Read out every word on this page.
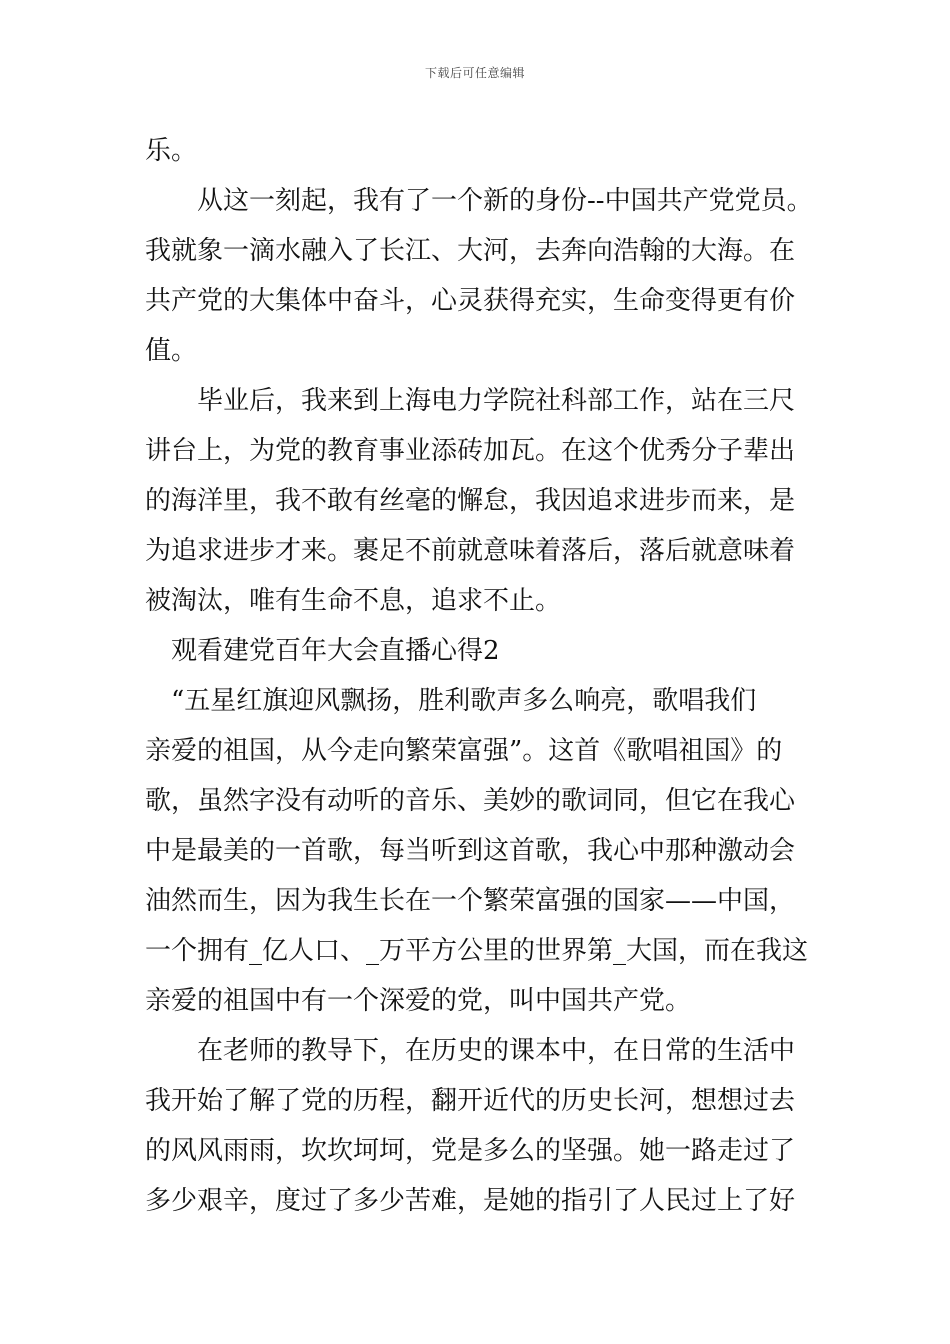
下载后可任意编辑
乐。
从这一刻起，我有了一个新的身份--中国共产党党员。
我就象一滴水融入了长江、大河，去奔向浩翰的大海。在
共产党的大集体中奋斗，心灵获得充实，生命变得更有价
值。
毕业后，我来到上海电力学院社科部工作，站在三尺
讲台上，为党的教育事业添砖加瓦。在这个优秀分子辈出
的海洋里，我不敢有丝毫的懈怠，我因追求进步而来，是
为追求进步才来。裹足不前就意味着落后，落后就意味着
被淘汰，唯有生命不息，追求不止。
观看建党百年大会直播心得2
“五星红旗迎风飘扬，胜利歌声多么响亮，歌唱我们
亲爱的祖国，从今走向繁荣富强”。这首《歌唱祖国》的
歌，虽然字没有动听的音乐、美妙的歌词同，但它在我心
中是最美的一首歌，每当听到这首歌，我心中那种激动会
油然而生，因为我生长在一个繁荣富强的国家——中国，
一个拥有_亿人口、_万平方公里的世界第_大国，而在我这
亲爱的祖国中有一个深爱的党，叫中国共产党。
在老师的教导下，在历史的课本中，在日常的生活中
我开始了解了党的历程，翻开近代的历史长河，想想过去
的风风雨雨，坎坎坷坷，党是多么的坚强。她一路走过了
多少艰辛，度过了多少苦难，是她的指引了人民过上了好
